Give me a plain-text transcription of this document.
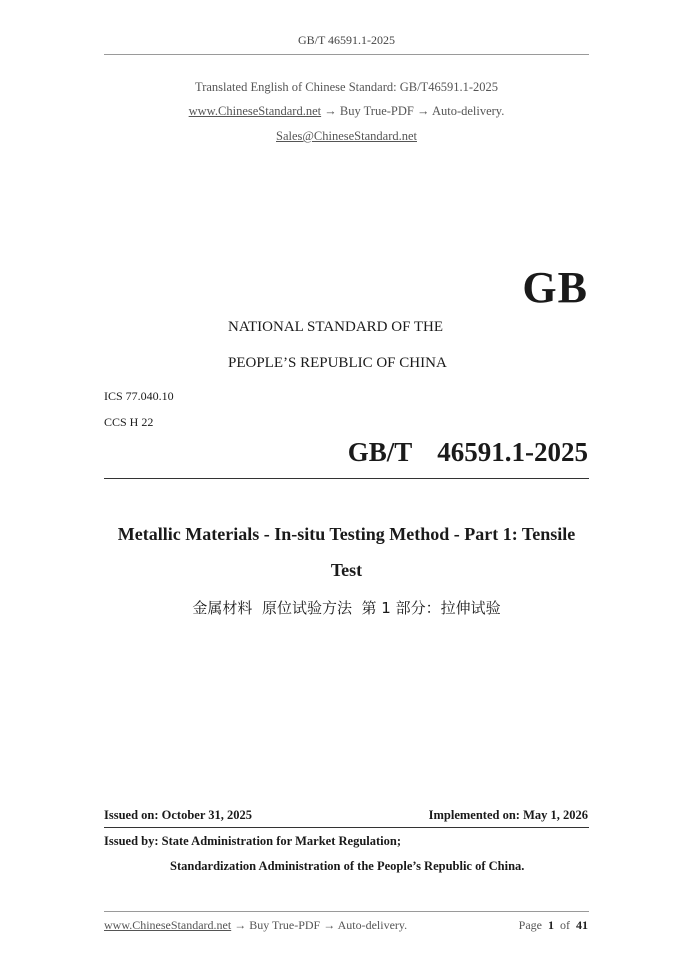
GB/T 46591.1-2025
Translated English of Chinese Standard: GB/T46591.1-2025
www.ChineseStandard.net → Buy True-PDF → Auto-delivery.
Sales@ChineseStandard.net
GB
NATIONAL STANDARD OF THE
PEOPLE’S REPUBLIC OF CHINA
ICS 77.040.10
CCS H 22
GB/T  46591.1-2025
Metallic Materials - In-situ Testing Method - Part 1: Tensile
Test
金属材料  原位试验方法  第 1 部分：拉伸试验
Issued on: October 31, 2025	Implemented on: May 1, 2026
Issued by: State Administration for Market Regulation;
Standardization Administration of the People’s Republic of China.
www.ChineseStandard.net → Buy True-PDF → Auto-delivery.	Page 1 of 41
